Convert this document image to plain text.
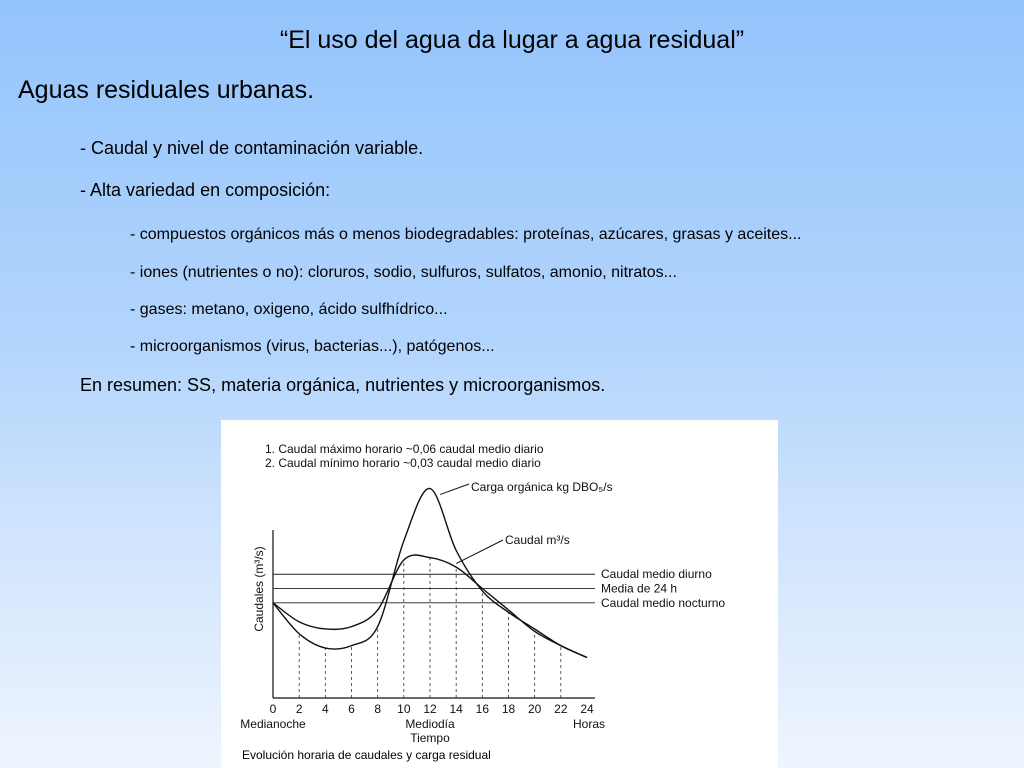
“El uso del agua da lugar a agua residual”

Aguas residuales urbanas.

- Caudal y nivel de contaminación variable.

- Alta variedad en composición:

- compuestos orgánicos más o menos biodegradables: proteínas, azúcares, grasas y aceites...

- iones (nutrientes o no): cloruros, sodio, sulfuros, sulfatos, amonio, nitratos...

- gases: metano, oxigeno, ácido sulfhídrico...

- microorganismos (virus, bacterias...), patógenos...

En resumen: SS, materia orgánica, nutrientes y microorganismos.

1. Caudal máximo horario ~0,06 caudal medio diario
2. Caudal mínimo horario ~0,03 caudal medio diario
Caudales (m³/s)	Caudal medio diurno
Media de 24 h
Caudal medio nocturno
Carga orgánica kg DBO₅/s
Caudal m³/s
0 2 4 6 8 10 12 14 16 18 20 22 24
Medianoche	Mediodía	Horas
Tiempo

Evolución horaria de caudales y carga residual
